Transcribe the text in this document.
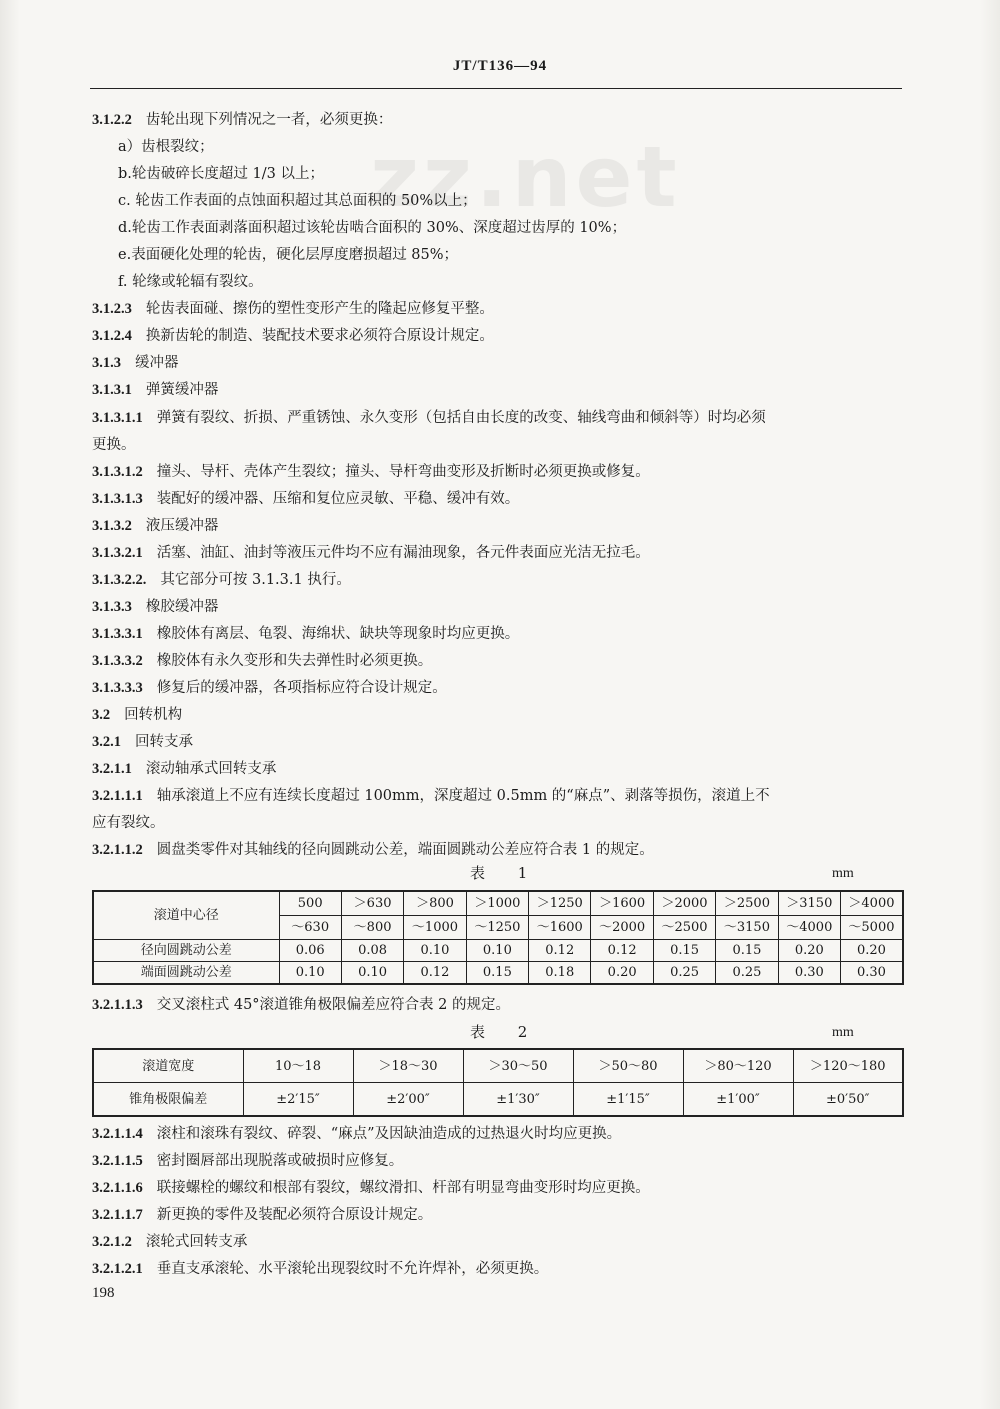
JT/T136—94
zz.net
3.1.2.2 齿轮出现下列情况之一者，必须更换：
a）齿根裂纹；
b.轮齿破碎长度超过 1/3 以上；
c. 轮齿工作表面的点蚀面积超过其总面积的 50%以上；
d.轮齿工作表面剥落面积超过该轮齿啮合面积的 30%、深度超过齿厚的 10%；
e.表面硬化处理的轮齿，硬化层厚度磨损超过 85%；
f. 轮缘或轮辐有裂纹。
3.1.2.3 轮齿表面碰、擦伤的塑性变形产生的隆起应修复平整。
3.1.2.4 换新齿轮的制造、装配技术要求必须符合原设计规定。
3.1.3 缓冲器
3.1.3.1 弹簧缓冲器
3.1.3.1.1 弹簧有裂纹、折损、严重锈蚀、永久变形（包括自由长度的改变、轴线弯曲和倾斜等）时均必须
更换。
3.1.3.1.2 撞头、导杆、壳体产生裂纹；撞头、导杆弯曲变形及折断时必须更换或修复。
3.1.3.1.3 装配好的缓冲器、压缩和复位应灵敏、平稳、缓冲有效。
3.1.3.2 液压缓冲器
3.1.3.2.1 活塞、油缸、油封等液压元件均不应有漏油现象，各元件表面应光洁无拉毛。
3.1.3.2.2. 其它部分可按 3.1.3.1 执行。
3.1.3.3 橡胶缓冲器
3.1.3.3.1 橡胶体有离层、龟裂、海绵状、缺块等现象时均应更换。
3.1.3.3.2 橡胶体有永久变形和失去弹性时必须更换。
3.1.3.3.3 修复后的缓冲器，各项指标应符合设计规定。
3.2 回转机构
3.2.1 回转支承
3.2.1.1 滚动轴承式回转支承
3.2.1.1.1 轴承滚道上不应有连续长度超过 100mm，深度超过 0.5mm 的“麻点”、剥落等损伤，滚道上不
应有裂纹。
3.2.1.1.2 圆盘类零件对其轴线的径向圆跳动公差，端面圆跳动公差应符合表 1 的规定。
表 1	mm
滚道中心径	500	＞630	＞800	＞1000	＞1250	＞1600	＞2000	＞2500	＞3150	＞4000
	～630	～800	～1000	～1250	～1600	～2000	～2500	～3150	～4000	～5000
径向圆跳动公差	0.06	0.08	0.10	0.10	0.12	0.12	0.15	0.15	0.20	0.20
端面圆跳动公差	0.10	0.10	0.12	0.15	0.18	0.20	0.25	0.25	0.30	0.30
3.2.1.1.3 交叉滚柱式 45°滚道锥角极限偏差应符合表 2 的规定。
表 2	mm
滚道宽度	10～18	＞18～30	＞30～50	＞50～80	＞80～120	＞120～180
锥角极限偏差	±2′15″	±2′00″	±1′30″	±1′15″	±1′00″	±0′50″
3.2.1.1.4 滚柱和滚珠有裂纹、碎裂、“麻点”及因缺油造成的过热退火时均应更换。
3.2.1.1.5 密封圈唇部出现脱落或破损时应修复。
3.2.1.1.6 联接螺栓的螺纹和根部有裂纹，螺纹滑扣、杆部有明显弯曲变形时均应更换。
3.2.1.1.7 新更换的零件及装配必须符合原设计规定。
3.2.1.2 滚轮式回转支承
3.2.1.2.1 垂直支承滚轮、水平滚轮出现裂纹时不允许焊补，必须更换。
198
